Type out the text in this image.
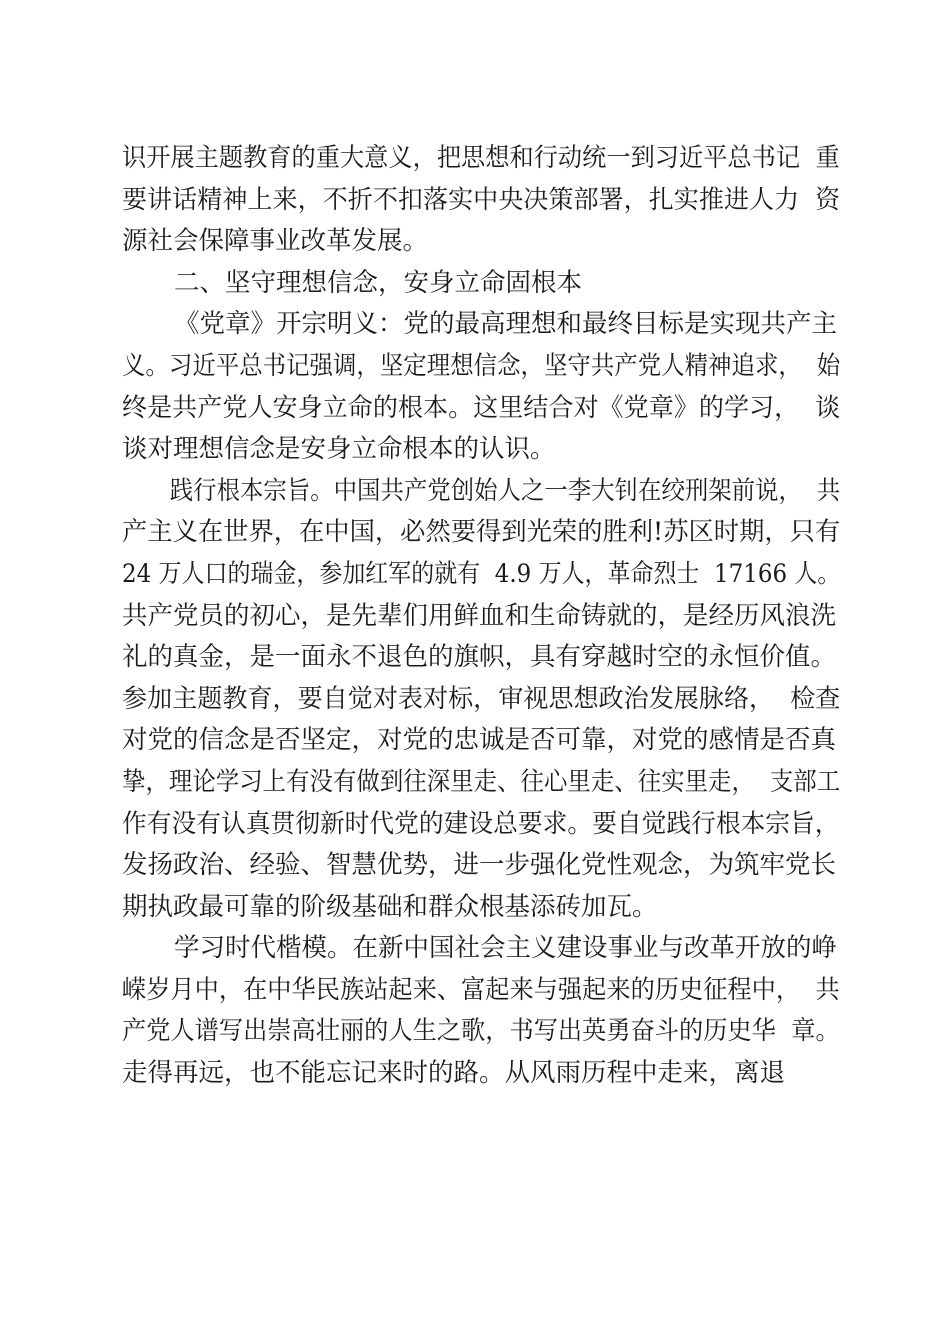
识开展主题教育的重大意义，把思想和行动统一到习近平总书记  重
要讲话精神上来，不折不扣落实中央决策部署，扎实推进人力  资
源社会保障事业改革发展。
二、坚守理想信念，安身立命固根本
《党章》开宗明义：党的最高理想和最终目标是实现共产主
义。习近平总书记强调，坚定理想信念，坚守共产党人精神追求，  始
终是共产党人安身立命的根本。这里结合对《党章》的学习，  谈
谈对理想信念是安身立命根本的认识。
践行根本宗旨。中国共产党创始人之一李大钊在绞刑架前说，  共
产主义在世界，在中国，必然要得到光荣的胜利!苏区时期，只有
24 万人口的瑞金，参加红军的就有  4.9 万人，革命烈士  17166 人。
共产党员的初心，是先辈们用鲜血和生命铸就的，是经历风浪洗
礼的真金，是一面永不退色的旗帜，具有穿越时空的永恒价值。
参加主题教育，要自觉对表对标，审视思想政治发展脉络，  检查
对党的信念是否坚定，对党的忠诚是否可靠，对党的感情是否真
挚，理论学习上有没有做到往深里走、往心里走、往实里走，  支部工
作有没有认真贯彻新时代党的建设总要求。要自觉践行根本宗旨，
发扬政治、经验、智慧优势，进一步强化党性观念，为筑牢党长
期执政最可靠的阶级基础和群众根基添砖加瓦。
学习时代楷模。在新中国社会主义建设事业与改革开放的峥
嵘岁月中，在中华民族站起来、富起来与强起来的历史征程中，  共
产党人谱写出崇高壮丽的人生之歌，书写出英勇奋斗的历史华  章。
走得再远，也不能忘记来时的路。从风雨历程中走来，离退
